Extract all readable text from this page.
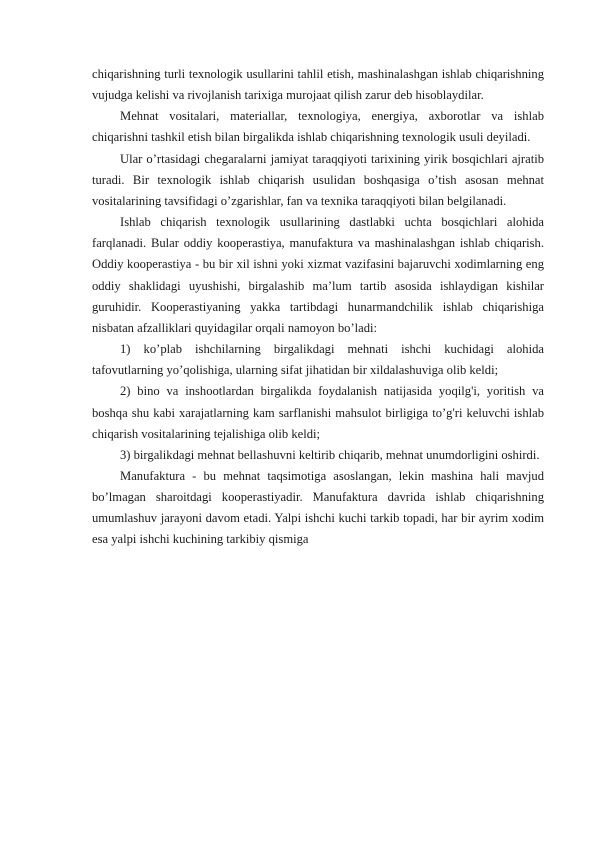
chiqarishning turli texnologik usullarini tahlil etish, mashinalashgan ishlab chiqarishning vujudga kelishi va rivojlanish tarixiga murojaat qilish zarur deb hisoblaydilar.

Mehnat vositalari, materiallar, texnologiya, energiya, axborotlar va ishlab chiqarishni tashkil etish bilan birgalikda ishlab chiqarishning texnologik usuli deyiladi.

Ular o’rtasidagi chegaralarni jamiyat taraqqiyoti tarixining yirik bosqichlari ajratib turadi. Bir texnologik ishlab chiqarish usulidan boshqasiga o’tish asosan mehnat vositalarining tavsifidagi o’zgarishlar, fan va texnika taraqqiyoti bilan belgilanadi.

Ishlab chiqarish texnologik usullarining dastlabki uchta bosqichlari alohida farqlanadi. Bular oddiy kooperastiya, manufaktura va mashinalashgan ishlab chiqarish. Oddiy kooperastiya - bu bir xil ishni yoki xizmat vazifasini bajaruvchi xodimlarning eng oddiy shaklidagi uyushishi, birgalashib ma’lum tartib asosida ishlaydigan kishilar guruhidir. Kooperastiyaning yakka tartibdagi hunarmandchilik ishlab chiqarishiga nisbatan afzalliklari quyidagilar orqali namoyon bo’ladi:

1) ko’plab ishchilarning birgalikdagi mehnati ishchi kuchidagi alohida tafovutlarning yo’qolishiga, ularning sifat jihatidan bir xildalashuviga olib keldi;

2) bino va inshootlardan birgalikda foydalanish natijasida yoqilg'i, yoritish va boshqa shu kabi xarajatlarning kam sarflanishi mahsulot birligiga to’g'ri keluvchi ishlab chiqarish vositalarining tejalishiga olib keldi;

3) birgalikdagi mehnat bellashuvni keltirib chiqarib, mehnat unumdorligini oshirdi.

Manufaktura - bu mehnat taqsimotiga asoslangan, lekin mashina hali mavjud bo’lmagan sharoitdagi kooperastiyadir. Manufaktura davrida ishlab chiqarishning umumlashuv jarayoni davom etadi. Yalpi ishchi kuchi tarkib topadi, har bir ayrim xodim esa yalpi ishchi kuchining tarkibiy qismiga
